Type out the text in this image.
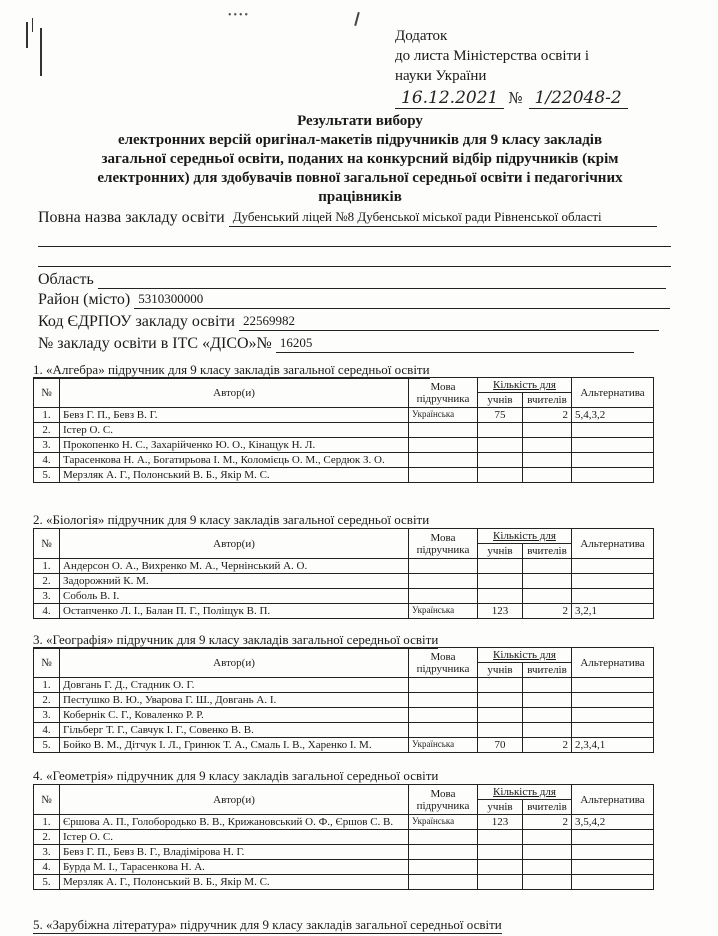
••••
Додаток
до листа Міністерства освіти і
науки України
16.12.2021 № 1/22048-2
Результати вибору
електронних версій оригінал-макетів підручників для 9 класу закладів
загальної середньої освіти, поданих на конкурсний відбір підручників (крім
електронних) для здобувачів повної загальної середньої освіти і педагогічних
працівників
Повна назва закладу освіти Дубенський ліцей №8 Дубенської міської ради Рівненської області
Область
Район (місто) 5310300000
Код ЄДРПОУ закладу освіти 22569982
№ закладу освіти в ІТС «ДІСО»№ 16205
1. «Алгебра» підручник для 9 класу закладів загальної середньої освіти
№	Автор(и)	Мова підручника	Кількість для		Альтернатива
			учнів	вчителів	
1.	Бевз Г. П., Бевз В. Г.	Українська	75	2	5,4,3,2
2.	Істер О. С.				
3.	Прокопенко Н. С., Захарійченко Ю. О., Кінащук Н. Л.				
4.	Тарасенкова Н. А., Богатирьова І. М., Коломієць О. М., Сердюк З. О.				
5.	Мерзляк А. Г., Полонський В. Б., Якір М. С.				
2. «Біологія» підручник для 9 класу закладів загальної середньої освіти
№	Автор(и)	Мова підручника	Кількість для		Альтернатива
			учнів	вчителів	
1.	Андерсон О. А., Вихренко М. А., Чернінський А. О.				
2.	Задорожний К. М.				
3.	Соболь В. І.				
4.	Остапченко Л. І., Балан П. Г., Поліщук В. П.	Українська	123	2	3,2,1
3. «Географія» підручник для 9 класу закладів загальної середньої освіти
№	Автор(и)	Мова підручника	Кількість для		Альтернатива
			учнів	вчителів	
1.	Довгань Г. Д., Стадник О. Г.				
2.	Пестушко В. Ю., Уварова Г. Ш., Довгань А. І.				
3.	Кобернік С. Г., Коваленко Р. Р.				
4.	Гільберг Т. Г., Савчук І. Г., Совенко В. В.				
5.	Бойко В. М., Дітчук І. Л., Гринюк Т. А., Смаль І. В., Харенко І. М.	Українська	70	2	2,3,4,1
4. «Геометрія» підручник для 9 класу закладів загальної середньої освіти
№	Автор(и)	Мова підручника	Кількість для		Альтернатива
			учнів	вчителів	
1.	Єршова А. П., Голобородько В. В., Крижановський О. Ф., Єршов С. В.	Українська	123	2	3,5,4,2
2.	Істер О. С.				
3.	Бевз Г. П., Бевз В. Г., Владімірова Н. Г.				
4.	Бурда М. І., Тарасенкова Н. А.				
5.	Мерзляк А. Г., Полонський В. Б., Якір М. С.				
5. «Зарубіжна література» підручник для 9 класу закладів загальної середньої освіти
